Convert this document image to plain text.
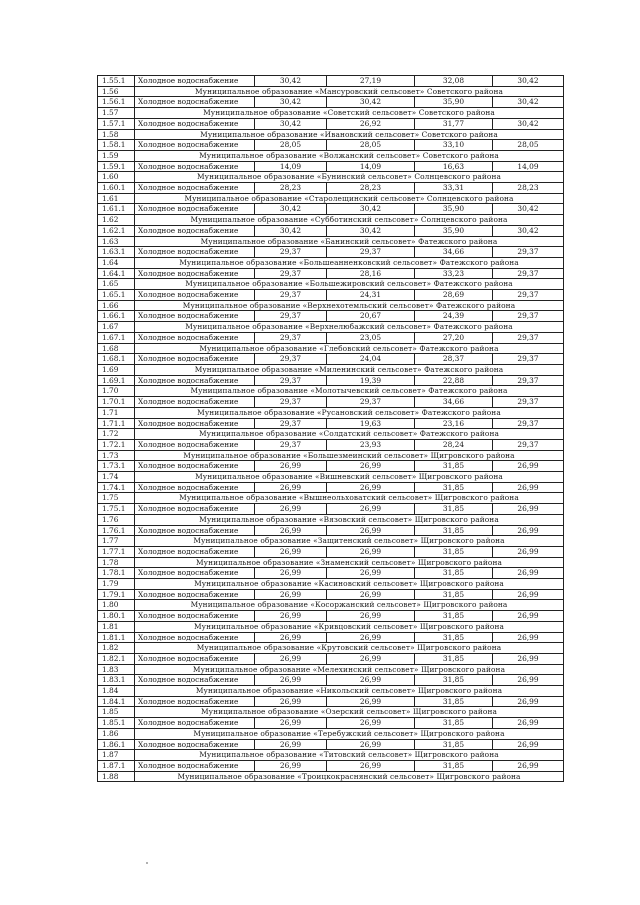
1.55.1	Холодное водоснабжение	30,42	27,19	32,08	30,42
1.56	Муниципальное образование «Мансуровский сельсовет» Советского района				
1.56.1	Холодное водоснабжение	30,42	30,42	35,90	30,42
1.57	Муниципальное образование «Советский сельсовет» Советского района				
1.57.1	Холодное водоснабжение	30,42	26,92	31,77	30,42
1.58	Муниципальное образование «Ивановский сельсовет» Советского района				
1.58.1	Холодное водоснабжение	28,05	28,05	33,10	28,05
1.59	Муниципальное образование «Волжанский сельсовет» Советского района				
1.59.1	Холодное водоснабжение	14,09	14,09	16,63	14,09
1.60	Муниципальное образование «Бунинский сельсовет» Солнцевского района				
1.60.1	Холодное водоснабжение	28,23	28,23	33,31	28,23
1.61	Муниципальное образование «Старолещинский сельсовет» Солнцевского района				
1.61.1	Холодное водоснабжение	30,42	30,42	35,90	30,42
1.62	Муниципальное образование «Субботинский сельсовет» Солнцевского района				
1.62.1	Холодное водоснабжение	30,42	30,42	35,90	30,42
1.63	Муниципальное образование «Банинский сельсовет» Фатежского района				
1.63.1	Холодное водоснабжение	29,37	29,37	34,66	29,37
1.64	Муниципальное образование «Большеанненковский сельсовет» Фатежского района				
1.64.1	Холодное водоснабжение	29,37	28,16	33,23	29,37
1.65	Муниципальное образование «Большежировский сельсовет» Фатежского района				
1.65.1	Холодное водоснабжение	29,37	24,31	28,69	29,37
1.66	Муниципальное образование «Верхнехотемльский сельсовет» Фатежского района				
1.66.1	Холодное водоснабжение	29,37	20,67	24,39	29,37
1.67	Муниципальное образование «Верхнелюбажский сельсовет» Фатежского района				
1.67.1	Холодное водоснабжение	29,37	23,05	27,20	29,37
1.68	Муниципальное образование «Глебовский сельсовет» Фатежского района				
1.68.1	Холодное водоснабжение	29,37	24,04	28,37	29,37
1.69	Муниципальное образование «Миленинский сельсовет» Фатежского района				
1.69.1	Холодное водоснабжение	29,37	19,39	22,88	29,37
1.70	Муниципальное образование «Молотычевский сельсовет» Фатежского района				
1.70.1	Холодное водоснабжение	29,37	29,37	34,66	29,37
1.71	Муниципальное образование «Русановский сельсовет» Фатежского района				
1.71.1	Холодное водоснабжение	29,37	19,63	23,16	29,37
1.72	Муниципальное образование «Солдатский сельсовет» Фатежского района				
1.72.1	Холодное водоснабжение	29,37	23,93	28,24	29,37
1.73	Муниципальное образование «Большезмеинский сельсовет» Щигровского района				
1.73.1	Холодное водоснабжение	26,99	26,99	31,85	26,99
1.74	Муниципальное образование «Вишневский сельсовет» Щигровского района				
1.74.1	Холодное водоснабжение	26,99	26,99	31,85	26,99
1.75	Муниципальное образование «Вышнеольховатский сельсовет» Щигровского района				
1.75.1	Холодное водоснабжение	26,99	26,99	31,85	26,99
1.76	Муниципальное образование «Вязовский сельсовет» Щигровского района				
1.76.1	Холодное водоснабжение	26,99	26,99	31,85	26,99
1.77	Муниципальное образование «Защитенский сельсовет» Щигровского района				
1.77.1	Холодное водоснабжение	26,99	26,99	31,85	26,99
1.78	Муниципальное образование «Знаменский сельсовет» Щигровского района				
1.78.1	Холодное водоснабжение	26,99	26,99	31,85	26,99
1.79	Муниципальное образование «Касиновский сельсовет» Щигровского района				
1.79.1	Холодное водоснабжение	26,99	26,99	31,85	26,99
1.80	Муниципальное образование «Косоржанский сельсовет» Щигровского района				
1.80.1	Холодное водоснабжение	26,99	26,99	31,85	26,99
1.81	Муниципальное образование «Кривцовский сельсовет» Щигровского района				
1.81.1	Холодное водоснабжение	26,99	26,99	31,85	26,99
1.82	Муниципальное образование «Крутовский сельсовет» Щигровского района				
1.82.1	Холодное водоснабжение	26,99	26,99	31,85	26,99
1.83	Муниципальное образование «Мелехинский сельсовет» Щигровского района				
1.83.1	Холодное водоснабжение	26,99	26,99	31,85	26,99
1.84	Муниципальное образование «Никольский сельсовет» Щигровского района				
1.84.1	Холодное водоснабжение	26,99	26,99	31,85	26,99
1.85	Муниципальное образование «Озерский сельсовет» Щигровского района				
1.85.1	Холодное водоснабжение	26,99	26,99	31,85	26,99
1.86	Муниципальное образование «Теребужский сельсовет» Щигровского района				
1.86.1	Холодное водоснабжение	26,99	26,99	31,85	26,99
1.87	Муниципальное образование «Титовский сельсовет» Щигровского района				
1.87.1	Холодное водоснабжение	26,99	26,99	31,85	26,99
1.88	Муниципальное образование «Троицкокраснянский сельсовет» Щигровского района				
